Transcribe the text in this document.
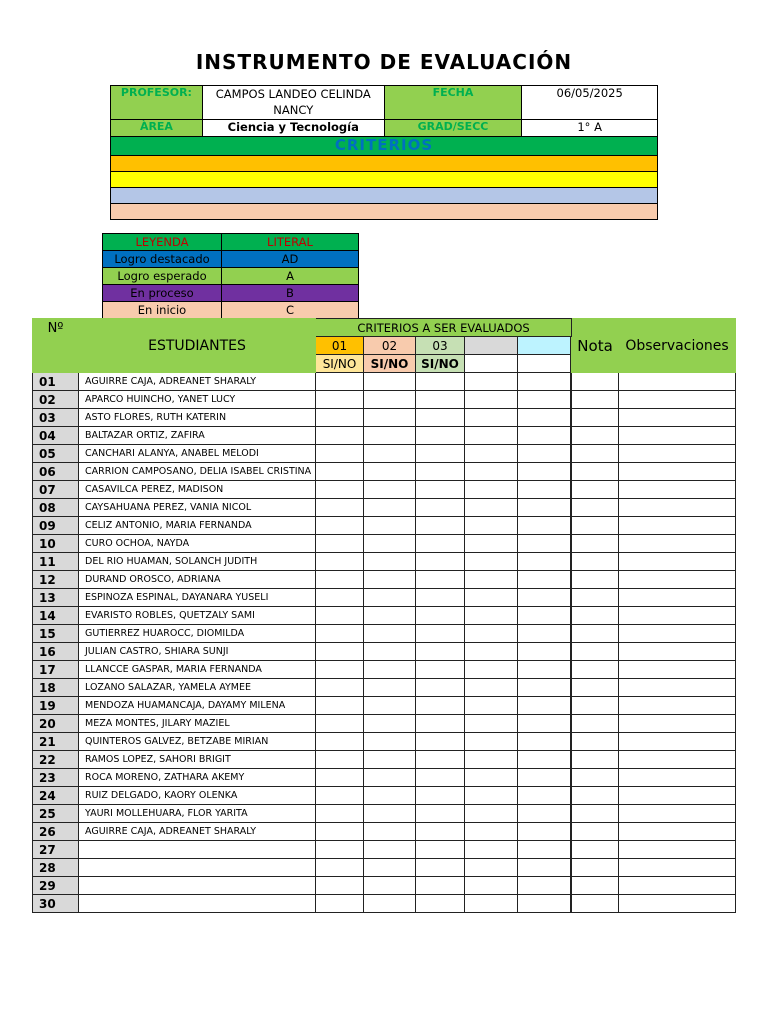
INSTRUMENTO DE EVALUACIÓN
PROFESOR:	CAMPOS LANDEO CELINDA NANCY	FECHA	06/05/2025
ÀREA	Ciencia y Tecnología	GRAD/SECC	1° A
CRITERIOS			

LEYENDA	LITERAL
Logro destacado	AD
Logro esperado	A
En proceso	B
En inicio	C
Nº	ESTUDIANTES	CRITERIOS A SER EVALUADOS					Nota	Observaciones
		01	02	03				
		SI/NO	SI/NO	SI/NO				
01	AGUIRRE CAJA, ADREANET SHARALY								
02	APARCO HUINCHO, YANET LUCY								
03	ASTO FLORES, RUTH KATERIN								
04	BALTAZAR ORTIZ, ZAFIRA								
05	CANCHARI ALANYA, ANABEL MELODI								
06	CARRION CAMPOSANO, DELIA ISABEL CRISTINA								
07	CASAVILCA PEREZ, MADISON								
08	CAYSAHUANA PEREZ, VANIA NICOL								
09	CELIZ ANTONIO, MARIA FERNANDA								
10	CURO OCHOA, NAYDA								
11	DEL RIO HUAMAN, SOLANCH JUDITH								
12	DURAND OROSCO, ADRIANA								
13	ESPINOZA ESPINAL, DAYANARA YUSELI								
14	EVARISTO ROBLES, QUETZALY SAMI								
15	GUTIERREZ HUAROCC, DIOMILDA								
16	JULIAN CASTRO, SHIARA SUNJI								
17	LLANCCE GASPAR, MARIA FERNANDA								
18	LOZANO SALAZAR, YAMELA AYMEE								
19	MENDOZA HUAMANCAJA, DAYAMY MILENA								
20	MEZA MONTES, JILARY MAZIEL								
21	QUINTEROS GALVEZ, BETZABE MIRIAN								
22	RAMOS LOPEZ, SAHORI BRIGIT								
23	ROCA MORENO, ZATHARA AKEMY								
24	RUIZ DELGADO, KAORY OLENKA								
25	YAURI MOLLEHUARA, FLOR YARITA								
26	AGUIRRE CAJA, ADREANET SHARALY								
27									
28									
29									
30									
